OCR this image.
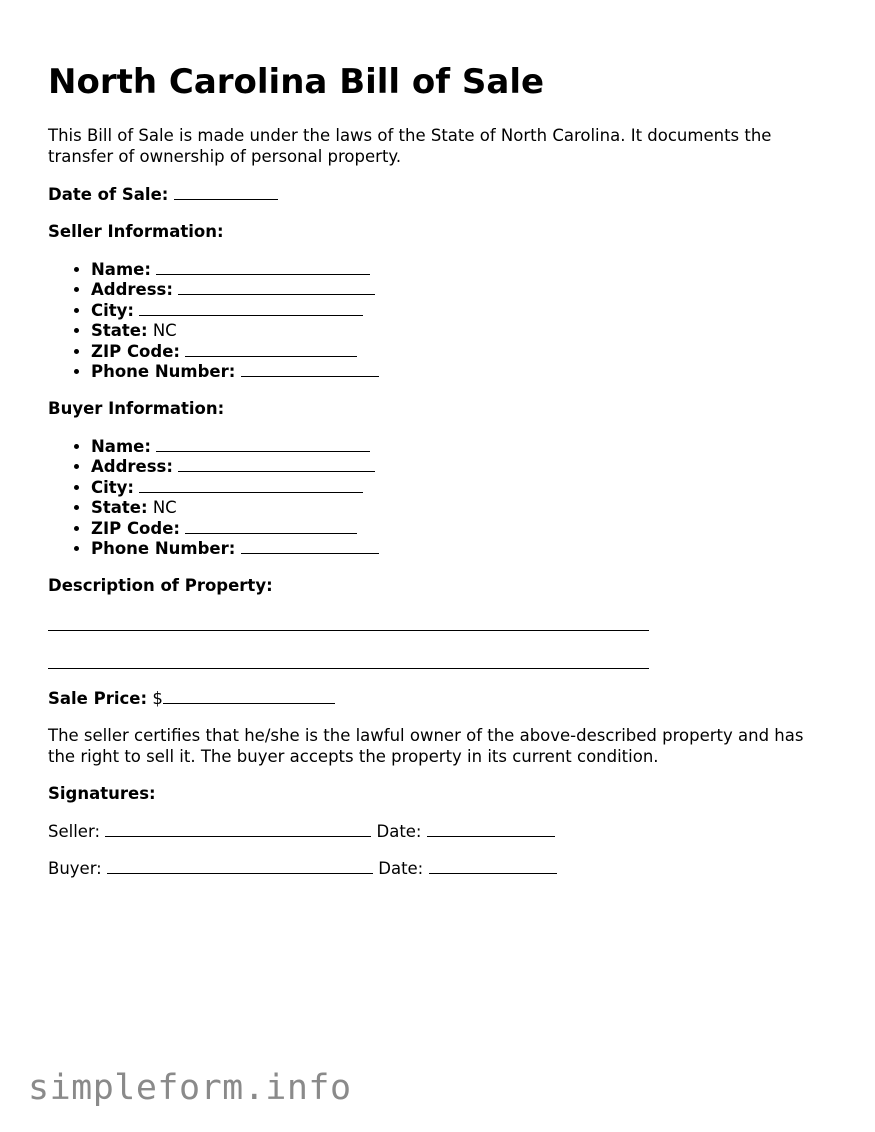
North Carolina Bill of Sale

This Bill of Sale is made under the laws of the State of North Carolina. It documents the transfer of ownership of personal property.

Date of Sale:
Seller Information:
• Name:
• Address:
• City:
• State: NC
• ZIP Code:
• Phone Number:
Buyer Information:
• Name:
• Address:
• City:
• State: NC
• ZIP Code:
• Phone Number:
Description of Property:
Sale Price: $

The seller certifies that he/she is the lawful owner of the above-described property and has the right to sell it. The buyer accepts the property in its current condition.

Signatures:
Seller:	Date:
Buyer:	Date:
simpleform.info
